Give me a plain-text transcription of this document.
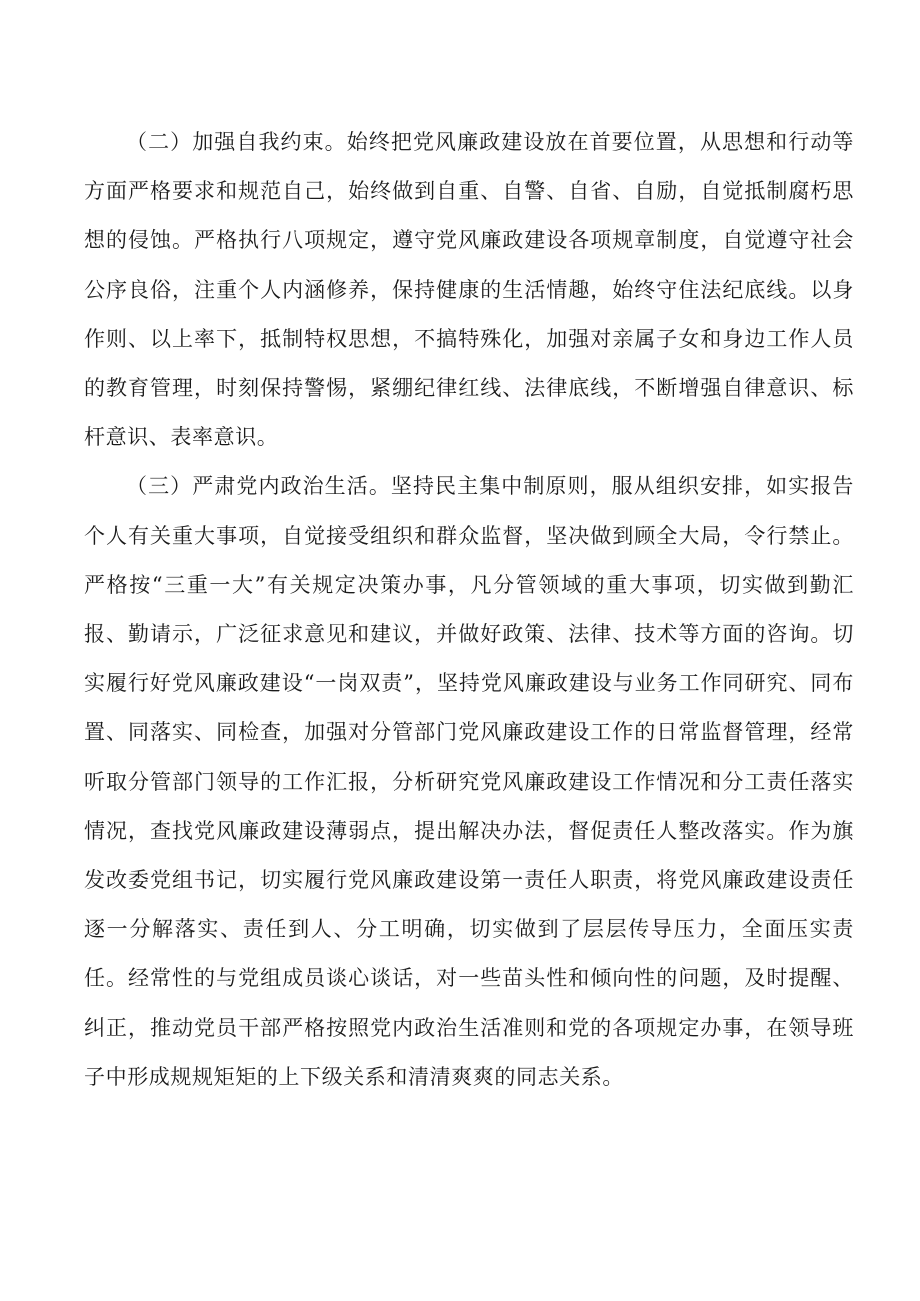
（二）加强自我约束。始终把党风廉政建设放在首要位置，从思想和行动等方面严格要求和规范自己，始终做到自重、自警、自省、自励，自觉抵制腐朽思想的侵蚀。严格执行八项规定，遵守党风廉政建设各项规章制度，自觉遵守社会公序良俗，注重个人内涵修养，保持健康的生活情趣，始终守住法纪底线。以身作则、以上率下，抵制特权思想，不搞特殊化，加强对亲属子女和身边工作人员的教育管理，时刻保持警惕，紧绷纪律红线、法律底线，不断增强自律意识、标杆意识、表率意识。

（三）严肃党内政治生活。坚持民主集中制原则，服从组织安排，如实报告个人有关重大事项，自觉接受组织和群众监督，坚决做到顾全大局，令行禁止。严格按“三重一大”有关规定决策办事，凡分管领域的重大事项，切实做到勤汇报、勤请示，广泛征求意见和建议，并做好政策、法律、技术等方面的咨询。切实履行好党风廉政建设“一岗双责”，坚持党风廉政建设与业务工作同研究、同布置、同落实、同检查，加强对分管部门党风廉政建设工作的日常监督管理，经常听取分管部门领导的工作汇报，分析研究党风廉政建设工作情况和分工责任落实情况，查找党风廉政建设薄弱点，提出解决办法，督促责任人整改落实。作为旗发改委党组书记，切实履行党风廉政建设第一责任人职责，将党风廉政建设责任逐一分解落实、责任到人、分工明确，切实做到了层层传导压力，全面压实责任。经常性的与党组成员谈心谈话，对一些苗头性和倾向性的问题，及时提醒、纠正，推动党员干部严格按照党内政治生活准则和党的各项规定办事，在领导班子中形成规规矩矩的上下级关系和清清爽爽的同志关系。
